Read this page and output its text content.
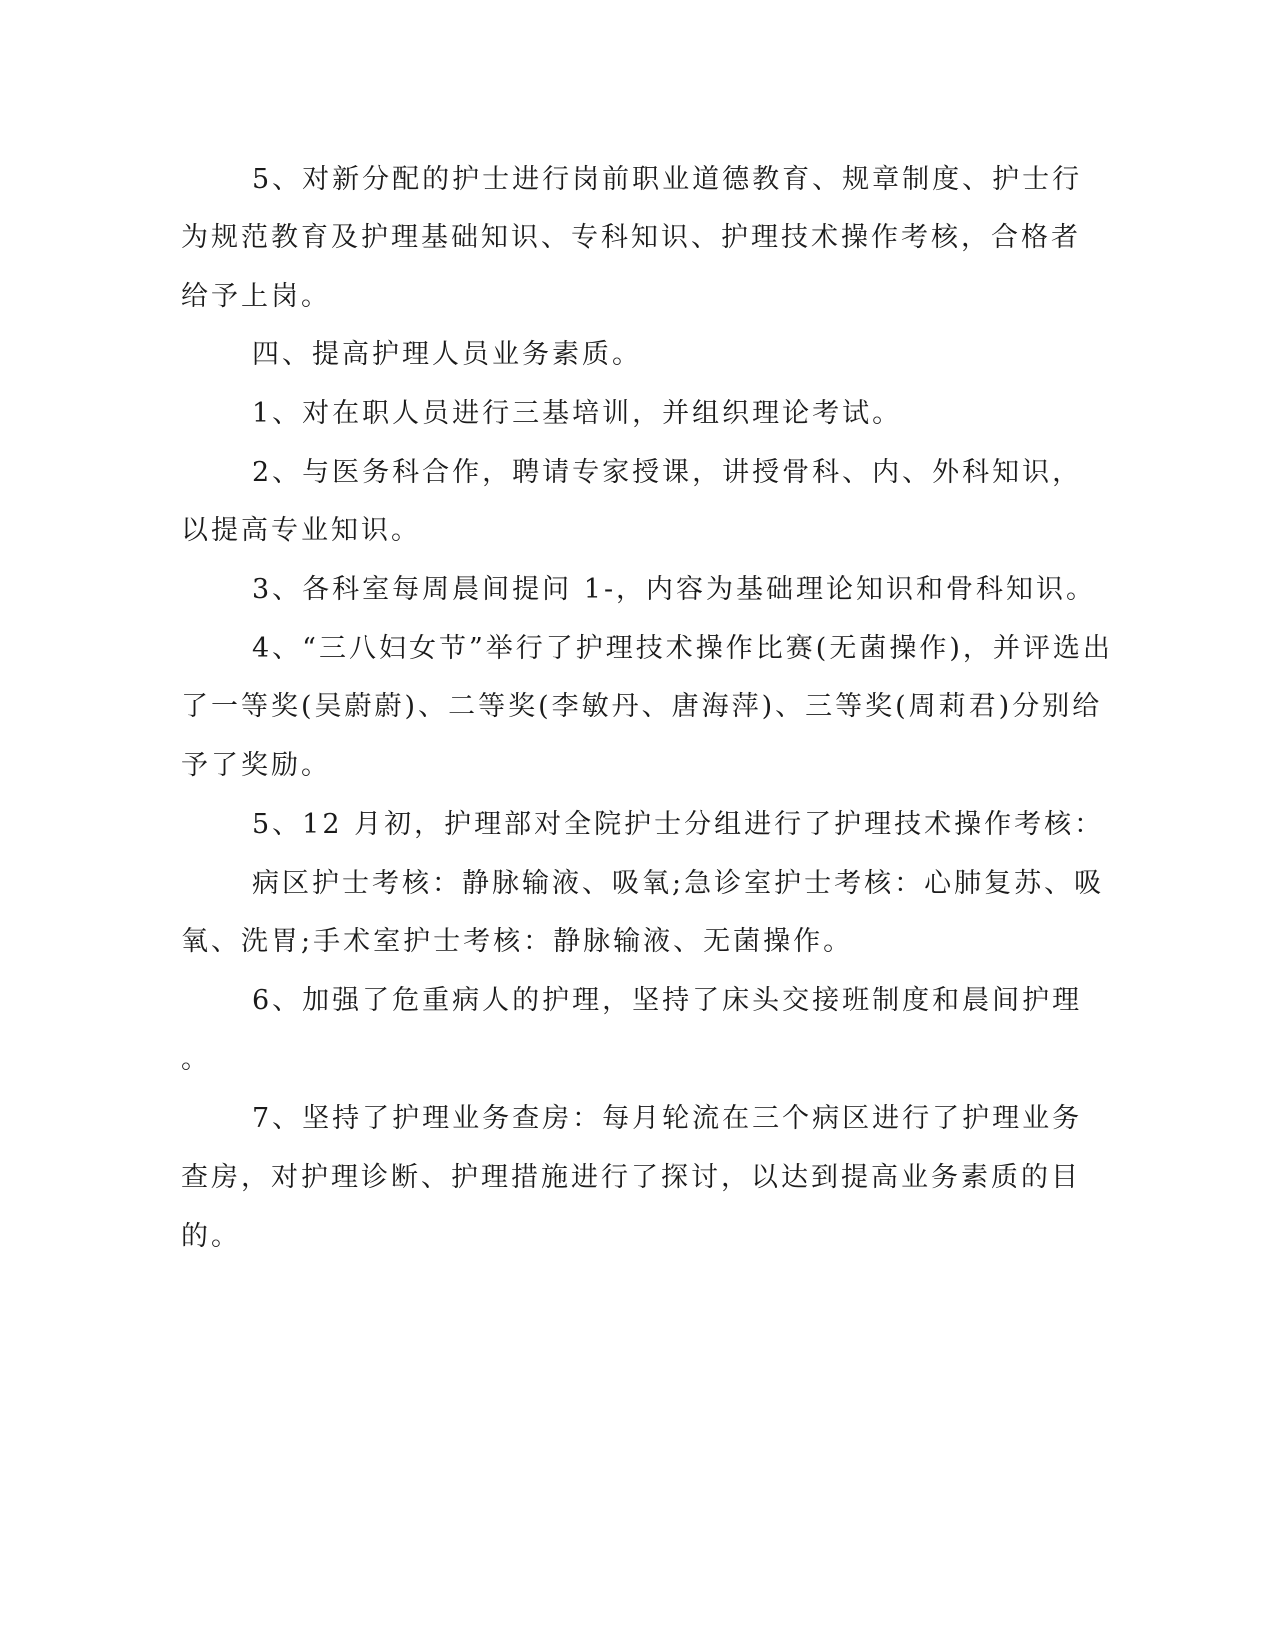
5、对新分配的护士进行岗前职业道德教育、规章制度、护士行

为规范教育及护理基础知识、专科知识、护理技术操作考核，合格者

给予上岗。

四、提高护理人员业务素质。

1、对在职人员进行三基培训，并组织理论考试。

2、与医务科合作，聘请专家授课，讲授骨科、内、外科知识，

以提高专业知识。

3、各科室每周晨间提问 1-，内容为基础理论知识和骨科知识。

4、“三八妇女节”举行了护理技术操作比赛(无菌操作)，并评选出

了一等奖(吴蔚蔚)、二等奖(李敏丹、唐海萍)、三等奖(周莉君)分别给

予了奖励。

5、12 月初，护理部对全院护士分组进行了护理技术操作考核：

病区护士考核：静脉输液、吸氧;急诊室护士考核：心肺复苏、吸

氧、洗胃;手术室护士考核：静脉输液、无菌操作。

6、加强了危重病人的护理，坚持了床头交接班制度和晨间护理

。

7、坚持了护理业务查房：每月轮流在三个病区进行了护理业务

查房，对护理诊断、护理措施进行了探讨，以达到提高业务素质的目

的。
